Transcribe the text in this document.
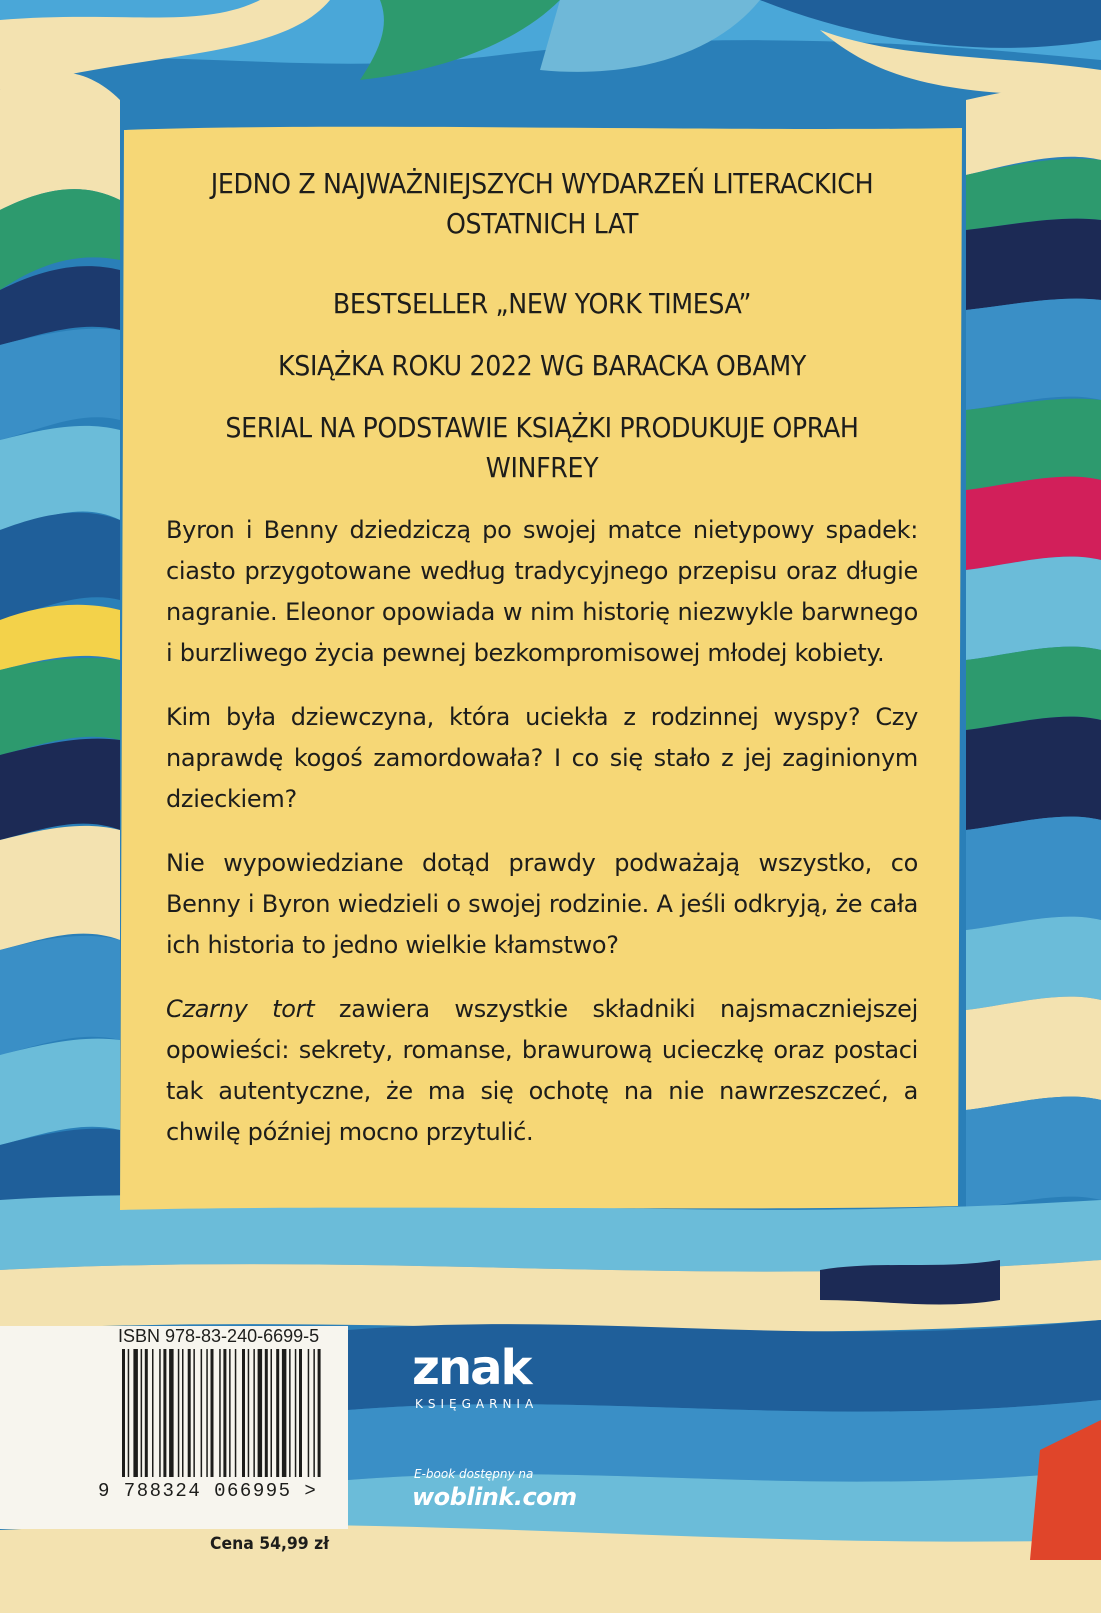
JEDNO Z NAJWAŻNIEJSZYCH WYDARZEŃ LITERACKICH OSTATNICH LAT
BESTSELLER „NEW YORK TIMESA”
KSIĄŻKA ROKU 2022 WG BARACKA OBAMY
SERIAL NA PODSTAWIE KSIĄŻKI PRODUKUJE OPRAH WINFREY

Byron i Benny dziedziczą po swojej matce nietypowy spadek: ciasto przygotowane według tradycyjnego przepisu oraz długie nagranie. Eleonor opowiada w nim historię niezwykle barwnego i burzliwego życia pewnej bezkompromisowej młodej kobiety.

Kim była dziewczyna, która uciekła z rodzinnej wyspy? Czy naprawdę kogoś zamordowała? I co się stało z jej zaginionym dzieckiem?

Nie wypowiedziane dotąd prawdy podważają wszystko, co Benny i Byron wiedzieli o swojej rodzinie. A jeśli odkryją, że cała ich historia to jedno wielkie kłamstwo?

Czarny tort zawiera wszystkie składniki najsmaczniejszej opowieści: sekrety, romanse, brawurową ucieczkę oraz postaci tak autentyczne, że ma się ochotę na nie nawrzeszczeć, a chwilę później mocno przytulić.

ISBN 978-83-240-6699-5
9 788324 066995 >
Cena 54,99 zł
znak
KSIĘGARNIA
E-book dostępny na
woblink.com
